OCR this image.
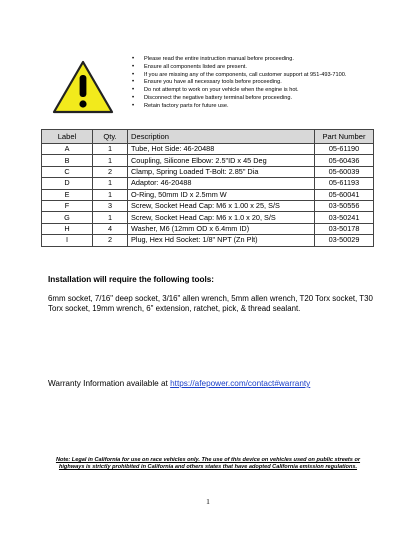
• Please read the entire instruction manual before proceeding.
• Ensure all components listed are present.
• If you are missing any of the components, call customer support at 951-493-7100.
• Ensure you have all necessary tools before proceeding.
• Do not attempt to work on your vehicle when the engine is hot.
• Disconnect the negative battery terminal before proceeding.
• Retain factory parts for future use.
Label	Qty.	Description	Part Number
A	1	Tube, Hot Side: 46-20488	05-61190
B	1	Coupling, Silicone Elbow: 2.5"ID x 45 Deg	05-60436
C	2	Clamp, Spring Loaded T-Bolt: 2.85" Dia	05-60039
D	1	Adaptor: 46-20488	05-61193
E	1	O-Ring, 50mm ID x 2.5mm W	05-60041
F	3	Screw, Socket Head Cap: M6 x 1.00 x 25, S/S	03-50556
G	1	Screw, Socket Head Cap: M6 x 1.0 x 20, S/S	03-50241
H	4	Washer, M6 (12mm OD x 6.4mm ID)	03-50178
I	2	Plug, Hex Hd Socket: 1/8" NPT (Zn Plt)	03-50029

Installation will require the following tools:

6mm socket, 7/16" deep socket, 3/16" allen wrench, 5mm allen wrench, T20 Torx socket, T30 Torx socket, 19mm wrench, 6" extension, ratchet, pick, & thread sealant.

Warranty Information available at https://afepower.com/contact#warranty

Note: Legal in California for use on race vehicles only. The use of this device on vehicles used on public streets or highways is strictly prohibited in California and others states that have adopted California emission regulations.

1
